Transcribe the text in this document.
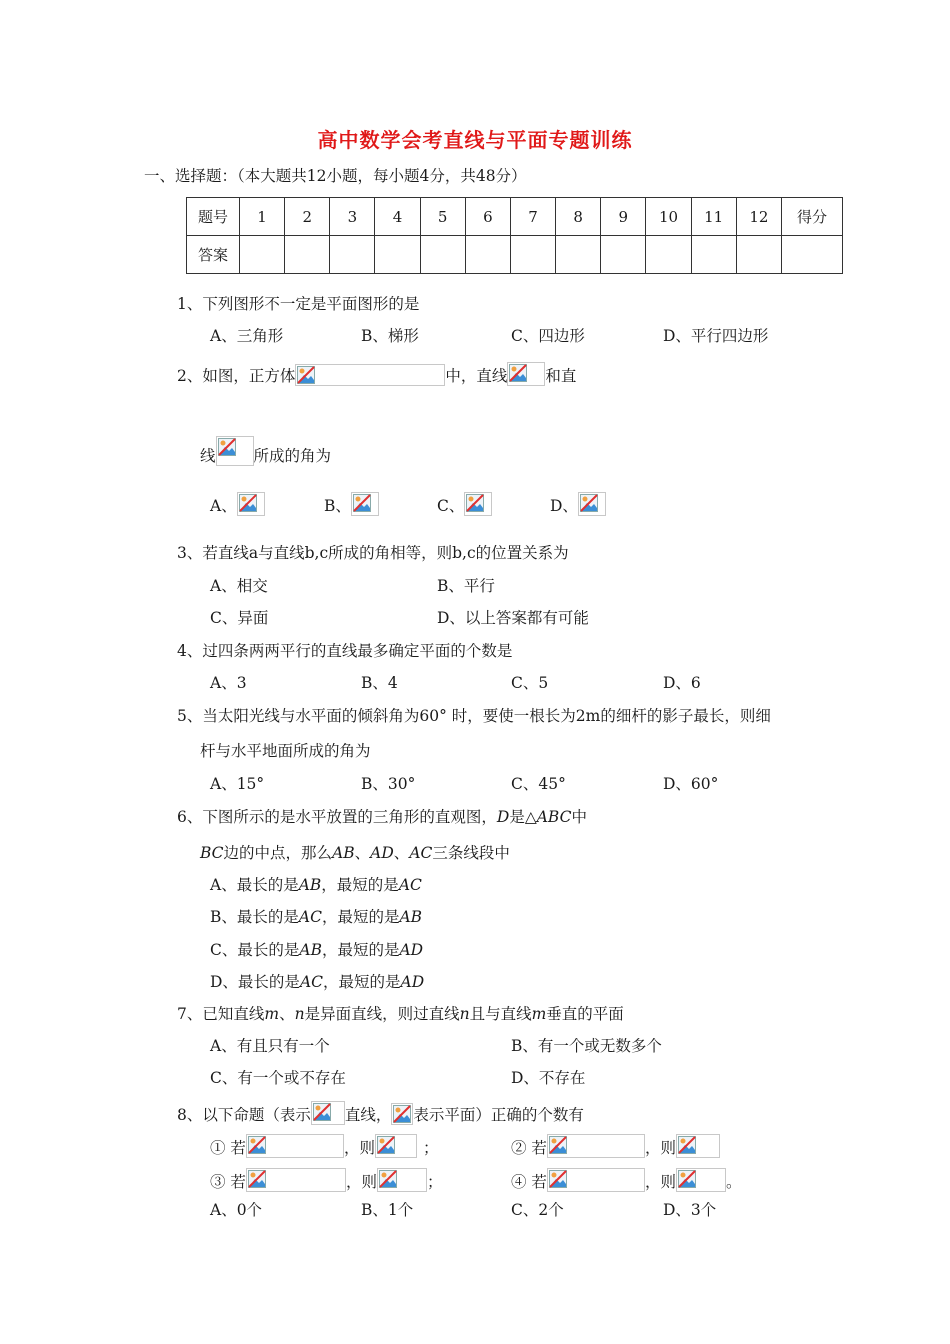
高中数学会考直线与平面专题训练
一、选择题：（本大题共12小题，每小题4分，共48分）
题号	1	2	3	4	5	6	7	8	9	10	11	12	得分
答案													
1、下列图形不一定是平面图形的是
A、三角形	B、梯形	C、四边形	D、平行四边形
2、如图，正方体	中，直线 和直
线 所成的角为
A、	B、	C、	D、
3、若直线a与直线b,c所成的角相等，则b,c的位置关系为
A、相交	B、平行
C、异面	D、以上答案都有可能
4、过四条两两平行的直线最多确定平面的个数是
A、3	B、4	C、5	D、6
5、当太阳光线与水平面的倾斜角为60° 时，要使一根长为2m的细杆的影子最长，则细
杆与水平地面所成的角为
A、15°	B、30°	C、45°	D、60°
6、下图所示的是水平放置的三角形的直观图，D是△ABC中
BC边的中点，那么AB、AD、AC三条线段中
A、最长的是AB，最短的是AC
B、最长的是AC，最短的是AB
C、最长的是AB，最短的是AD
D、最长的是AC，最短的是AD
7、已知直线m、n是异面直线，则过直线n且与直线m垂直的平面
A、有且只有一个	B、有一个或无数多个
C、有一个或不存在	D、不存在
8、以下命题（表示 直线， 表示平面）正确的个数有
① 若	，则	；	② 若	，则
③ 若	，则	；	④ 若	，则	。
A、0个	B、1个	C、2个	D、3个
